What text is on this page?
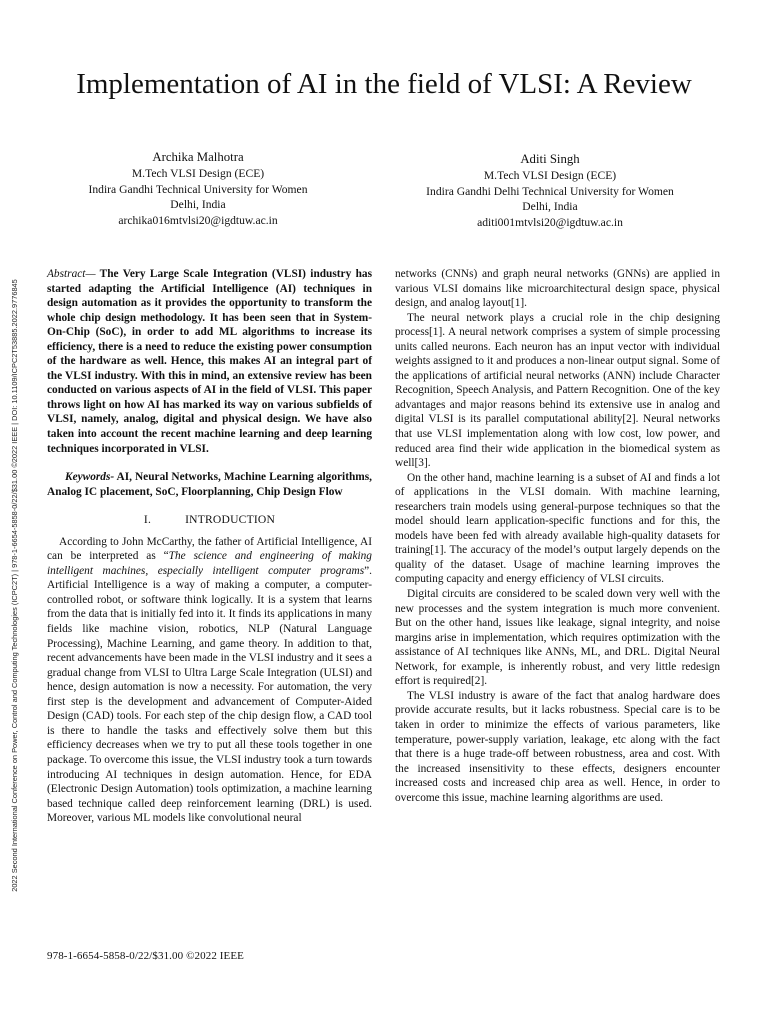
2022 Second International Conference on Power, Control and Computing Technologies (ICPC2T) | 978-1-6654-5858-0/22/$31.00 ©2022 IEEE | DOI: 10.1109/ICPC2T53885.2022.9776845
Implementation of AI in the field of VLSI: A Review
Archika Malhotra
M.Tech VLSI Design (ECE)
Indira Gandhi Technical University for Women
Delhi, India
archika016mtvlsi20@igdtuw.ac.in
Aditi Singh
M.Tech VLSI Design (ECE)
Indira Gandhi Delhi Technical University for Women
Delhi, India
aditi001mtvlsi20@igdtuw.ac.in

Abstract— The Very Large Scale Integration (VLSI) industry has started adapting the Artificial Intelligence (AI) techniques in design automation as it provides the opportunity to transform the whole chip design methodology. It has been seen that in System-On-Chip (SoC), in order to add ML algorithms to increase its efficiency, there is a need to reduce the existing power consumption of the hardware as well. Hence, this makes AI an integral part of the VLSI industry. With this in mind, an extensive review has been conducted on various aspects of AI in the field of VLSI. This paper throws light on how AI has marked its way on various subfields of VLSI, namely, analog, digital and physical design. We have also taken into account the recent machine learning and deep learning techniques incorporated in VLSI.

Keywords- AI, Neural Networks, Machine Learning algorithms, Analog IC placement, SoC, Floorplanning, Chip Design Flow

I.	INTRODUCTION

According to John McCarthy, the father of Artificial Intelligence, AI can be interpreted as “The science and engineering of making intelligent machines, especially intelligent computer programs”. Artificial Intelligence is a way of making a computer, a computer-controlled robot, or software think logically. It is a system that learns from the data that is initially fed into it. It finds its applications in many fields like machine vision, robotics, NLP (Natural Language Processing), Machine Learning, and game theory. In addition to that, recent advancements have been made in the VLSI industry and it sees a gradual change from VLSI to Ultra Large Scale Integration (ULSI) and hence, design automation is now a necessity. For automation, the very first step is the development and advancement of Computer-Aided Design (CAD) tools. For each step of the chip design flow, a CAD tool is there to handle the tasks and effectively solve them but this efficiency decreases when we try to put all these tools together in one package. To overcome this issue, the VLSI industry took a turn towards introducing AI techniques in design automation. Hence, for EDA (Electronic Design Automation) tools optimization, a machine learning based technique called deep reinforcement learning (DRL) is used. Moreover, various ML models like convolutional neural

networks (CNNs) and graph neural networks (GNNs) are applied in various VLSI domains like microarchitectural design space, physical design, and analog layout[1].

The neural network plays a crucial role in the chip designing process[1]. A neural network comprises a system of simple processing units called neurons. Each neuron has an input vector with individual weights assigned to it and produces a non-linear output signal. Some of the applications of artificial neural networks (ANN) include Character Recognition, Speech Analysis, and Pattern Recognition. One of the key advantages and major reasons behind its extensive use in analog and digital VLSI is its parallel computational ability[2]. Neural networks that use VLSI implementation along with low cost, low power, and reduced area find their wide application in the biomedical system as well[3].

On the other hand, machine learning is a subset of AI and finds a lot of applications in the VLSI domain. With machine learning, researchers train models using general-purpose techniques so that the model should learn application-specific functions and for this, the models have been fed with already available high-quality datasets for training[1]. The accuracy of the model’s output largely depends on the quality of the dataset. Usage of machine learning improves the computing capacity and energy efficiency of VLSI circuits.

Digital circuits are considered to be scaled down very well with the new processes and the system integration is much more convenient. But on the other hand, issues like leakage, signal integrity, and noise margins arise in implementation, which requires optimization with the assistance of AI techniques like ANNs, ML, and DRL. Digital Neural Network, for example, is inherently robust, and very little redesign effort is required[2].

The VLSI industry is aware of the fact that analog hardware does provide accurate results, but it lacks robustness. Special care is to be taken in order to minimize the effects of various parameters, like temperature, power-supply variation, leakage, etc along with the fact that there is a huge trade-off between robustness, area and cost. With the increased insensitivity to these effects, designers encounter increased costs and increased chip area as well. Hence, in order to overcome this issue, machine learning algorithms are used.

978-1-6654-5858-0/22/$31.00 ©2022 IEEE
